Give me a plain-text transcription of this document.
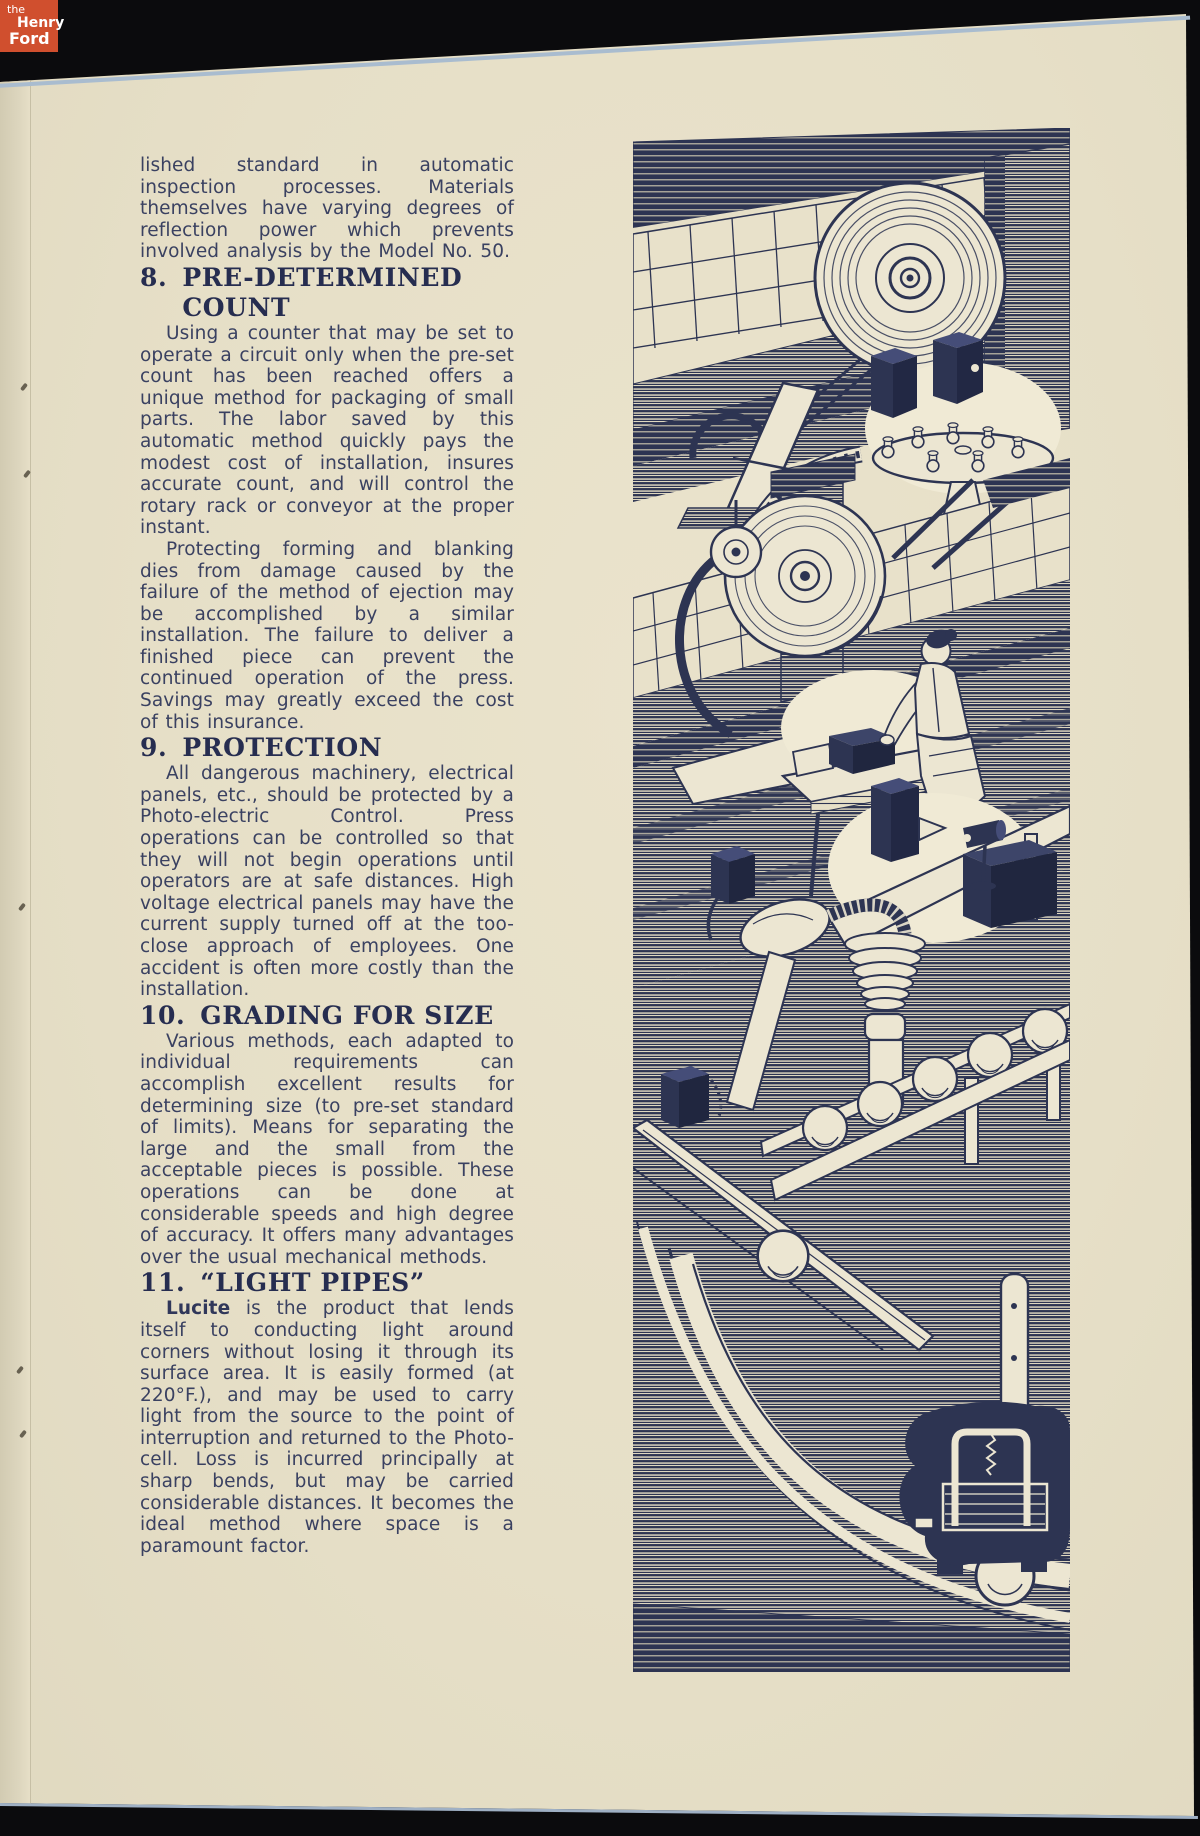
the
Henry
Ford

lished standard in automatic inspection processes. Materials themselves have varying degrees of reflection power which prevents involved analysis by the Model No. 50.

8. PRE-DETERMINED
COUNT

Using a counter that may be set to operate a circuit only when the pre-set count has been reached offers a unique method for packaging of small parts. The labor saved by this automatic method quickly pays the modest cost of installation, insures accurate count, and will control the rotary rack or conveyor at the proper instant.

Protecting forming and blanking dies from damage caused by the failure of the method of ejection may be accomplished by a similar installation. The failure to deliver a finished piece can prevent the continued operation of the press. Savings may greatly exceed the cost of this insurance.

9. PROTECTION

All dangerous machinery, electrical panels, etc., should be protected by a Photo-electric Control. Press operations can be controlled so that they will not begin operations until operators are at safe distances. High voltage electrical panels may have the current supply turned off at the too-close approach of employees. One accident is often more costly than the installation.

10. GRADING FOR SIZE

Various methods, each adapted to individual requirements can accomplish excellent results for determining size (to pre-set standard of limits). Means for separating the large and the small from the acceptable pieces is possible. These operations can be done at considerable speeds and high degree of accuracy. It offers many advantages over the usual mechanical methods.

11. “LIGHT PIPES”

Lucite is the product that lends itself to conducting light around corners without losing it through its surface area. It is easily formed (at 220°F.), and may be used to carry light from the source to the point of interruption and returned to the Photo-cell. Loss is incurred principally at sharp bends, but may be carried considerable distances. It becomes the ideal method where space is a paramount factor.
